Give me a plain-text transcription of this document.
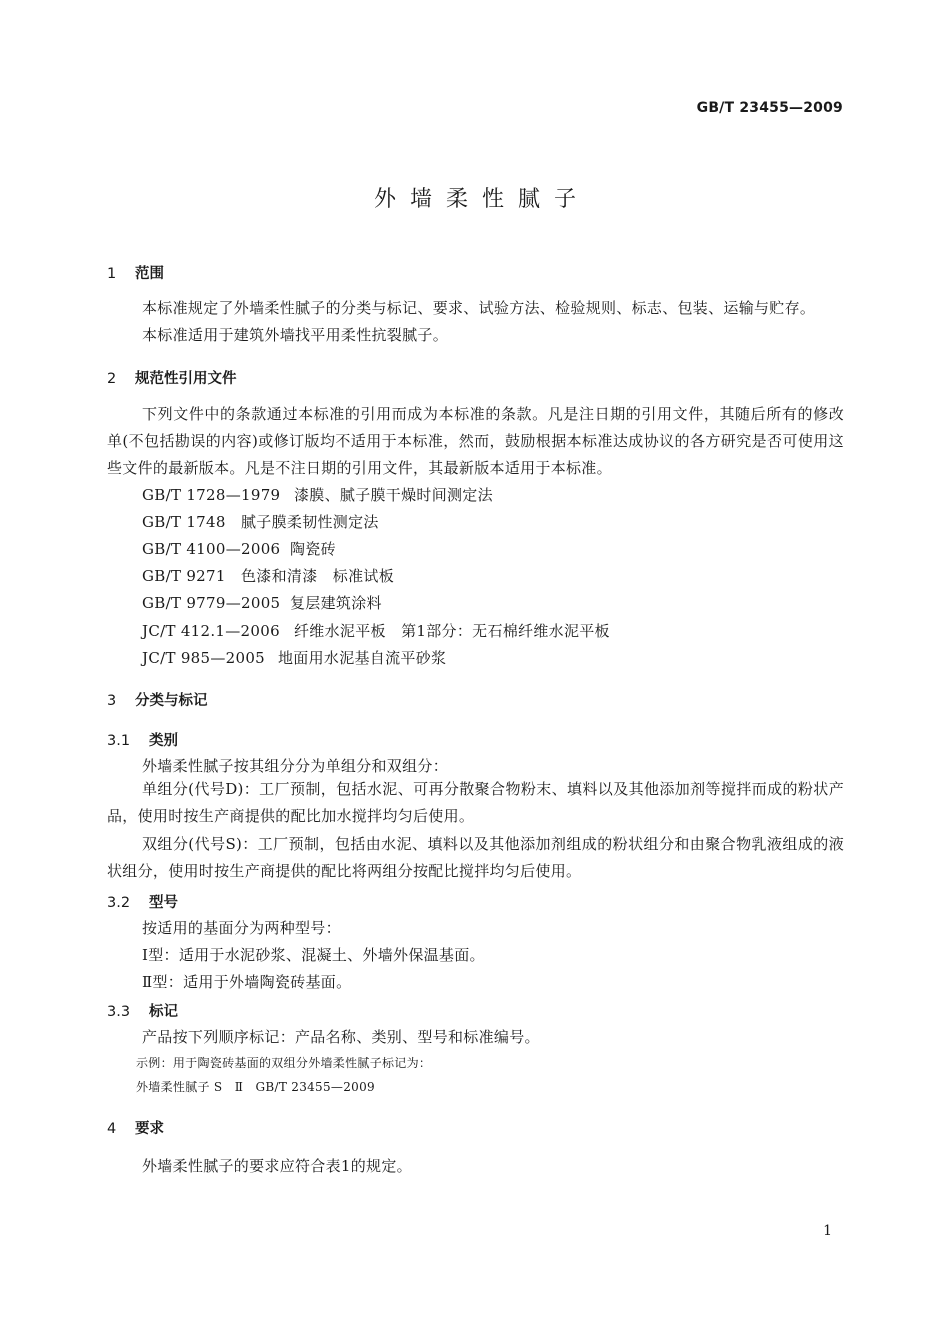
GB/T 23455—2009
外墙柔性腻子
1 范围
本标准规定了外墙柔性腻子的分类与标记、要求、试验方法、检验规则、标志、包装、运输与贮存。
本标准适用于建筑外墙找平用柔性抗裂腻子。
2 规范性引用文件
下列文件中的条款通过本标准的引用而成为本标准的条款。凡是注日期的引用文件，其随后所有的修改单(不包括勘误的内容)或修订版均不适用于本标准，然而，鼓励根据本标准达成协议的各方研究是否可使用这些文件的最新版本。凡是不注日期的引用文件，其最新版本适用于本标准。
GB/T 1728—1979 漆膜、腻子膜干燥时间测定法
GB/T 1748 腻子膜柔韧性测定法
GB/T 4100—2006 陶瓷砖
GB/T 9271 色漆和清漆　标准试板
GB/T 9779—2005 复层建筑涂料
JC/T 412.1—2006 纤维水泥平板　第1部分：无石棉纤维水泥平板
JC/T 985—2005 地面用水泥基自流平砂浆
3 分类与标记
3.1 类别
外墙柔性腻子按其组分分为单组分和双组分：
单组分(代号D)：工厂预制，包括水泥、可再分散聚合物粉末、填料以及其他添加剂等搅拌而成的粉状产品，使用时按生产商提供的配比加水搅拌均匀后使用。
双组分(代号S)：工厂预制，包括由水泥、填料以及其他添加剂组成的粉状组分和由聚合物乳液组成的液状组分，使用时按生产商提供的配比将两组分按配比搅拌均匀后使用。
3.2 型号
按适用的基面分为两种型号：
Ⅰ型：适用于水泥砂浆、混凝土、外墙外保温基面。
Ⅱ型：适用于外墙陶瓷砖基面。
3.3 标记
产品按下列顺序标记：产品名称、类别、型号和标准编号。
示例：用于陶瓷砖基面的双组分外墙柔性腻子标记为：
外墙柔性腻子 S　Ⅱ　GB/T 23455—2009
4 要求
外墙柔性腻子的要求应符合表1的规定。
1
